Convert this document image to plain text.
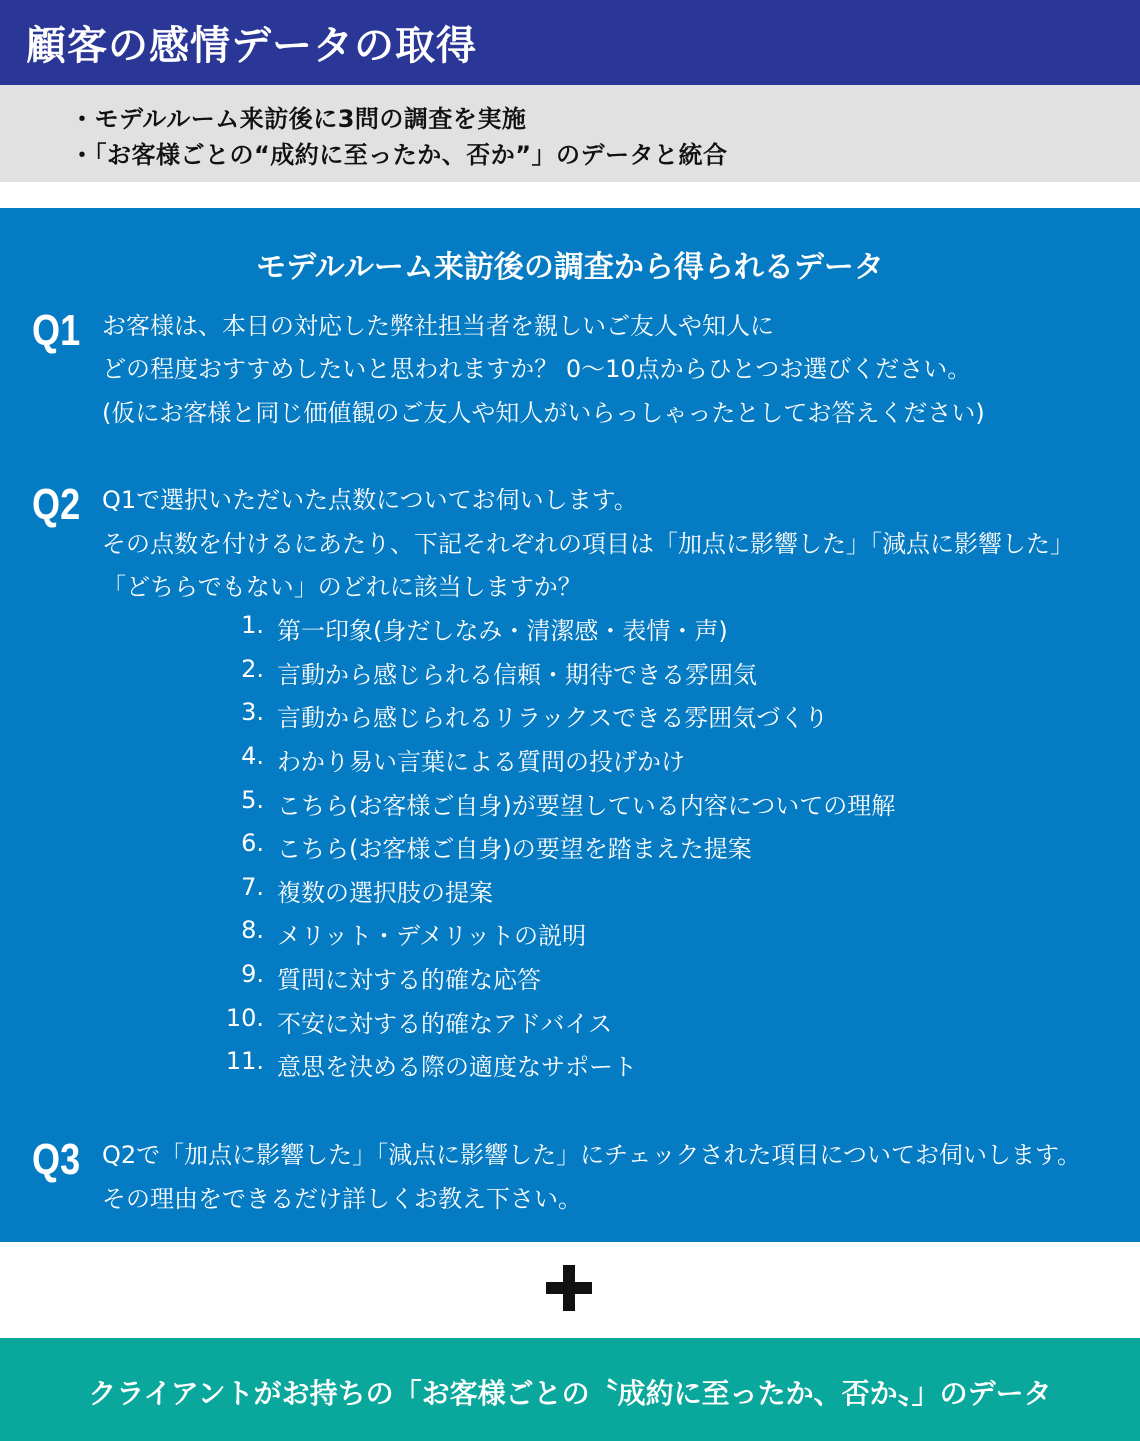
顧客の感情データの取得
・モデルルーム来訪後に3問の調査を実施
・「お客様ごとの“成約に至ったか、否か”」のデータと統合
モデルルーム来訪後の調査から得られるデータ
Q1 お客様は、本日の対応した弊社担当者を親しいご友人や知人に
どの程度おすすめしたいと思われますか？ 0〜10点からひとつお選びください。
(仮にお客様と同じ価値観のご友人や知人がいらっしゃったとしてお答えください)
Q2 Q1で選択いただいた点数についてお伺いします。
その点数を付けるにあたり、下記それぞれの項目は「加点に影響した」「減点に影響した」
「どちらでもない」のどれに該当しますか？
1. 第一印象(身だしなみ・清潔感・表情・声)
2. 言動から感じられる信頼・期待できる雰囲気
3. 言動から感じられるリラックスできる雰囲気づくり
4. わかり易い言葉による質問の投げかけ
5. こちら(お客様ご自身)が要望している内容についての理解
6. こちら(お客様ご自身)の要望を踏まえた提案
7. 複数の選択肢の提案
8. メリット・デメリットの説明
9. 質問に対する的確な応答
10. 不安に対する的確なアドバイス
11. 意思を決める際の適度なサポート
Q3 Q2で「加点に影響した」「減点に影響した」にチェックされた項目についてお伺いします。
その理由をできるだけ詳しくお教え下さい。
クライアントがお持ちの「お客様ごとの〝成約に至ったか、否か〟」のデータ
